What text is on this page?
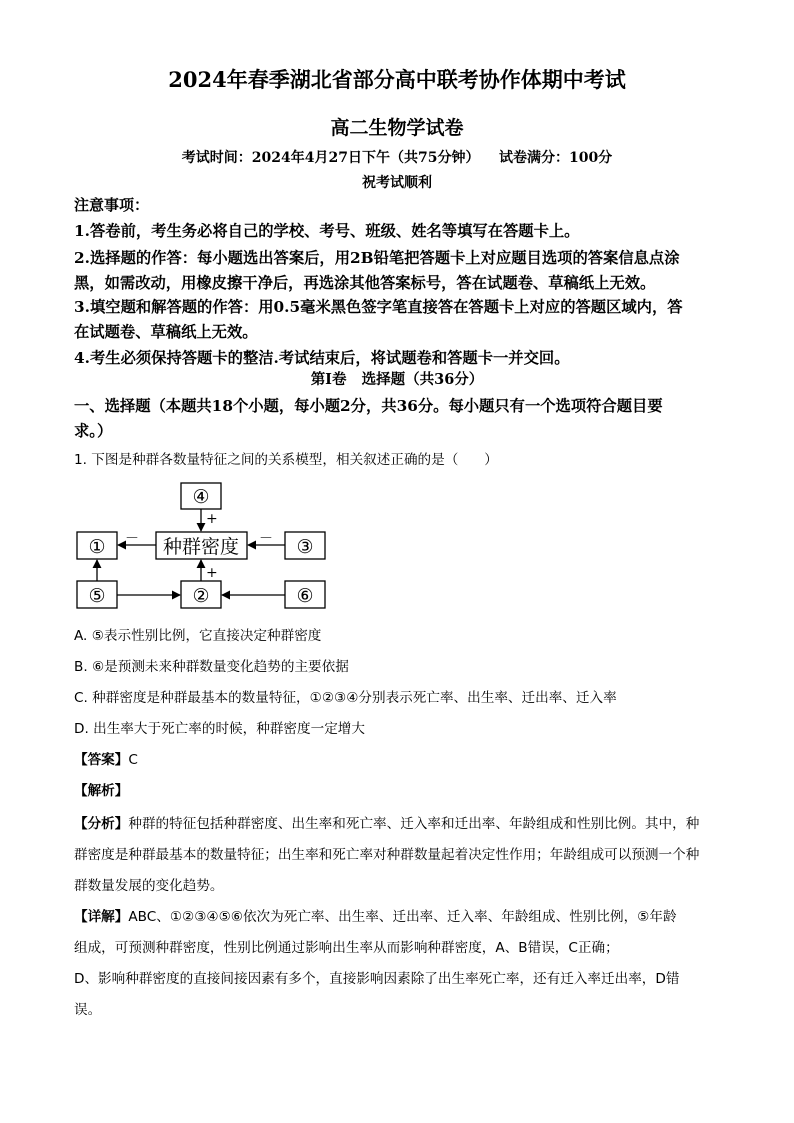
2024年春季湖北省部分高中联考协作体期中考试
高二生物学试卷
考试时间：2024年4月27日下午（共75分钟）    试卷满分：100分
祝考试顺利
注意事项：
1.答卷前，考生务必将自己的学校、考号、班级、姓名等填写在答题卡上。
2.选择题的作答：每小题选出答案后，用2B铅笔把答题卡上对应题目选项的答案信息点涂
黑，如需改动，用橡皮擦干净后，再选涂其他答案标号，答在试题卷、草稿纸上无效。
3.填空题和解答题的作答：用0.5毫米黑色签字笔直接答在答题卡上对应的答题区域内，答
在试题卷、草稿纸上无效。
4.考生必须保持答题卡的整洁.考试结束后，将试题卷和答题卡一并交回。
第Ⅰ卷   选择题（共36分）
一、选择题（本题共18个小题，每小题2分，共36分。每小题只有一个选项符合题目要
求。）
1. 下图是种群各数量特征之间的关系模型，相关叙述正确的是（      ）
④
种群密度
①	③
⑤	②	⑥
+
+
－	－
A. ⑤表示性别比例，它直接决定种群密度
B. ⑥是预测未来种群数量变化趋势的主要依据
C. 种群密度是种群最基本的数量特征，①②③④分别表示死亡率、出生率、迁出率、迁入率
D. 出生率大于死亡率的时候，种群密度一定增大
【答案】C
【解析】
【分析】种群的特征包括种群密度、出生率和死亡率、迁入率和迁出率、年龄组成和性别比例。其中，种
群密度是种群最基本的数量特征；出生率和死亡率对种群数量起着决定性作用；年龄组成可以预测一个种
群数量发展的变化趋势。
【详解】ABC、①②③④⑤⑥依次为死亡率、出生率、迁出率、迁入率、年龄组成、性别比例，⑤年龄
组成，可预测种群密度，性别比例通过影响出生率从而影响种群密度，A、B错误，C正确；
D、影响种群密度的直接间接因素有多个，直接影响因素除了出生率死亡率，还有迁入率迁出率，D错
误。
